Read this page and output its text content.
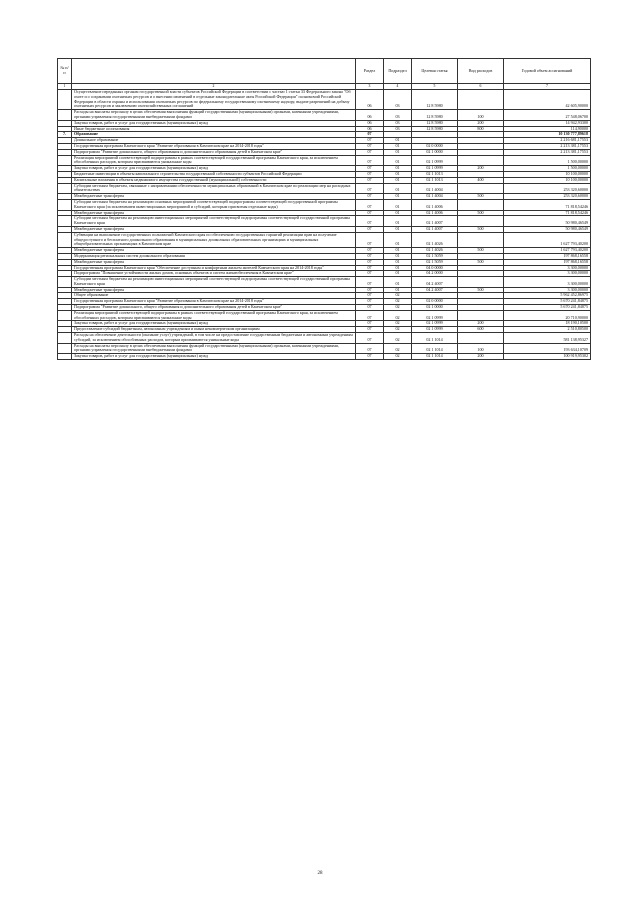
№ п/п		Раздел	Подраздел	Целевая статья	Вид расходов	Годовой объем ассигнований
1	2	3	4	5	6	7
	Осуществление переданных органам государственной власти субъектов Российской Федерации в соответствии с частью 1 статьи 33 Федерального закона "Об охоте и о сохранении охотничьих ресурсов и о внесении изменений в отдельные законодательные акты Российской Федерации" полномочий Российской Федерации в области охраны и использования охотничьих ресурсов по федеральному государственному охотничьему надзору, выдаче разрешений на добычу охотничьих ресурсов и заключению охотхозяйственных соглашений	06	03	12 8 5980		42 605,90000
	Расходы на выплаты персоналу в целях обеспечения выполнения функций государственными (муниципальными) органами, казенными учреждениями, органами управления государственными внебюджетными фондами	06	03	12 8 5980	100	27 548,06700
	Закупка товаров, работ и услуг для государственных (муниципальных) нужд	06	03	12 8 5980	200	14 942,93300
	Иные бюджетные ассигнования	06	03	12 8 5980	800	114,90000
7.	Образование	07				10 130 777,89618
	Дошкольное образование	07	01			2 216 681,17553
	Государственная программа Камчатского края "Развитие образования в Камчатском крае на 2014-2018 годы"	07	01	02 0 0000		2 213 381,17553
	Подпрограмма "Развитие дошкольного, общего образования и дополнительного образования детей в Камчатском крае"	07	01	02 1 0000		2 213 381,17553
	Реализация мероприятий соответствующей подпрограммы в рамках соответствующей государственной программы Камчатского края, за исключением обособленных расходов, которым присваиваются уникальные коды	07	01	02 1 0999		1 500,00000
	Закупка товаров, работ и услуг для государственных (муниципальных) нужд	07	01	02 1 0999	200	1 500,00000
	Бюджетные инвестиции в объекты капитального строительства государственной собственности субъектов Российской Федерации	07	01	02 1 1013		10 100,00000
	Капитальные вложения в объекты недвижимого имущества государственной (муниципальной) собственности	07	01	02 1 1013	400	10 100,00000
	Субсидии местным бюджетам, связанные с направлениями обеспеченности муниципальных образований в Камчатском крае по реализации мер на расходных обязательствах	07	01	02 1 4004		253 320,60000
	Межбюджетные трансферты	07	01	02 1 4004	500	253 320,60000
	Субсидии местным бюджетам на реализацию основных мероприятий соответствующей подпрограммы соответствующей государственной программы Камчатского края (за исключением инвестиционных мероприятий и субсидий, которым присвоены отдельные коды)	07	01	02 1 4006		71 818,54246
	Межбюджетные трансферты	07	01	02 1 4006	500	71 818,54246
	Субсидии местным бюджетам на реализацию инвестиционных мероприятий соответствующей подпрограммы соответствующей государственной программы Камчатского края	07	01	02 1 4007		50 980,46549
	Межбюджетные трансферты	07	01	02 1 4007	500	50 980,46549
	Субвенции на выполнение государственных полномочий Камчатского края по обеспечению государственных гарантий реализации прав на получение общедоступного и бесплатного дошкольного образования в муниципальных дошкольных образовательных организациях и муниципальных общеобразовательных организациях в Камчатском крае	07	01	02 1 4026		1 627 793,40200
	Межбюджетные трансферты	07	01	02 1 4026	500	1 627 793,40200
	Модернизация региональных систем дошкольного образования	07	01	02 1 5059		197 868,16558
	Межбюджетные трансферты	07	01	02 1 5059	500	197 868,16558
	Государственная программа Камчатского края "Обеспечение доступным и комфортным жильем жителей Камчатского края на 2014-2018 годы"	07	01	04 0 0000		3 300,00000
	Подпрограмма "Повышение устойчивости жилых домов, основных объектов и систем жизнеобеспечения в Камчатском крае"	07	01	04 2 0000		3 300,00000
	Субсидии местным бюджетам на реализацию инвестиционных мероприятий соответствующей подпрограммы соответствующей государственной программы Камчатского края	07	01	04 2 4007		3 300,00000
	Межбюджетные трансферты	07	01	04 2 4007	500	3 300,00000
	Общее образование	07	02			5 962 452,86975
	Государственная программа Камчатского края "Развитие образования в Камчатском крае на 2014-2018 годы"	07	02	02 0 0000		5 670 241,84875
	Подпрограмма "Развитие дошкольного, общего образования и дополнительного образования детей в Камчатском крае"	07	02	02 1 0000		5 670 241,84875
	Реализация мероприятий соответствующей подпрограммы в рамках соответствующей государственной программы Камчатского края, за исключением обособленных расходов, которым присваиваются уникальные коды	07	02	02 1 0999		20 710,90000
	Закупка товаров, работ и услуг для государственных (муниципальных) нужд	07	02	02 1 0999	200	18 190,10500
	Предоставление субсидий бюджетным, автономным учреждениям и иным некоммерческим организациям	07	02	02 1 0999	600	2 510,80500
	Расходы на обеспечение деятельности (оказание услуг) учреждений, в том числе на предоставление государственным бюджетным и автономным учреждениям субсидий, за исключением обособленных расходов, которым присваиваются уникальные коды	07	02	02 1 1014		581 138,95327
	Расходы на выплаты персоналу в целях обеспечения выполнения функций государственными (муниципальными) органами, казенными учреждениями, органами управления государственными внебюджетными фондами	07	02	02 1 1014	100	193 634,10709
	Закупка товаров, работ и услуг для государственных (муниципальных) нужд	07	02	02 1 1014	200	100 919,95302
28
